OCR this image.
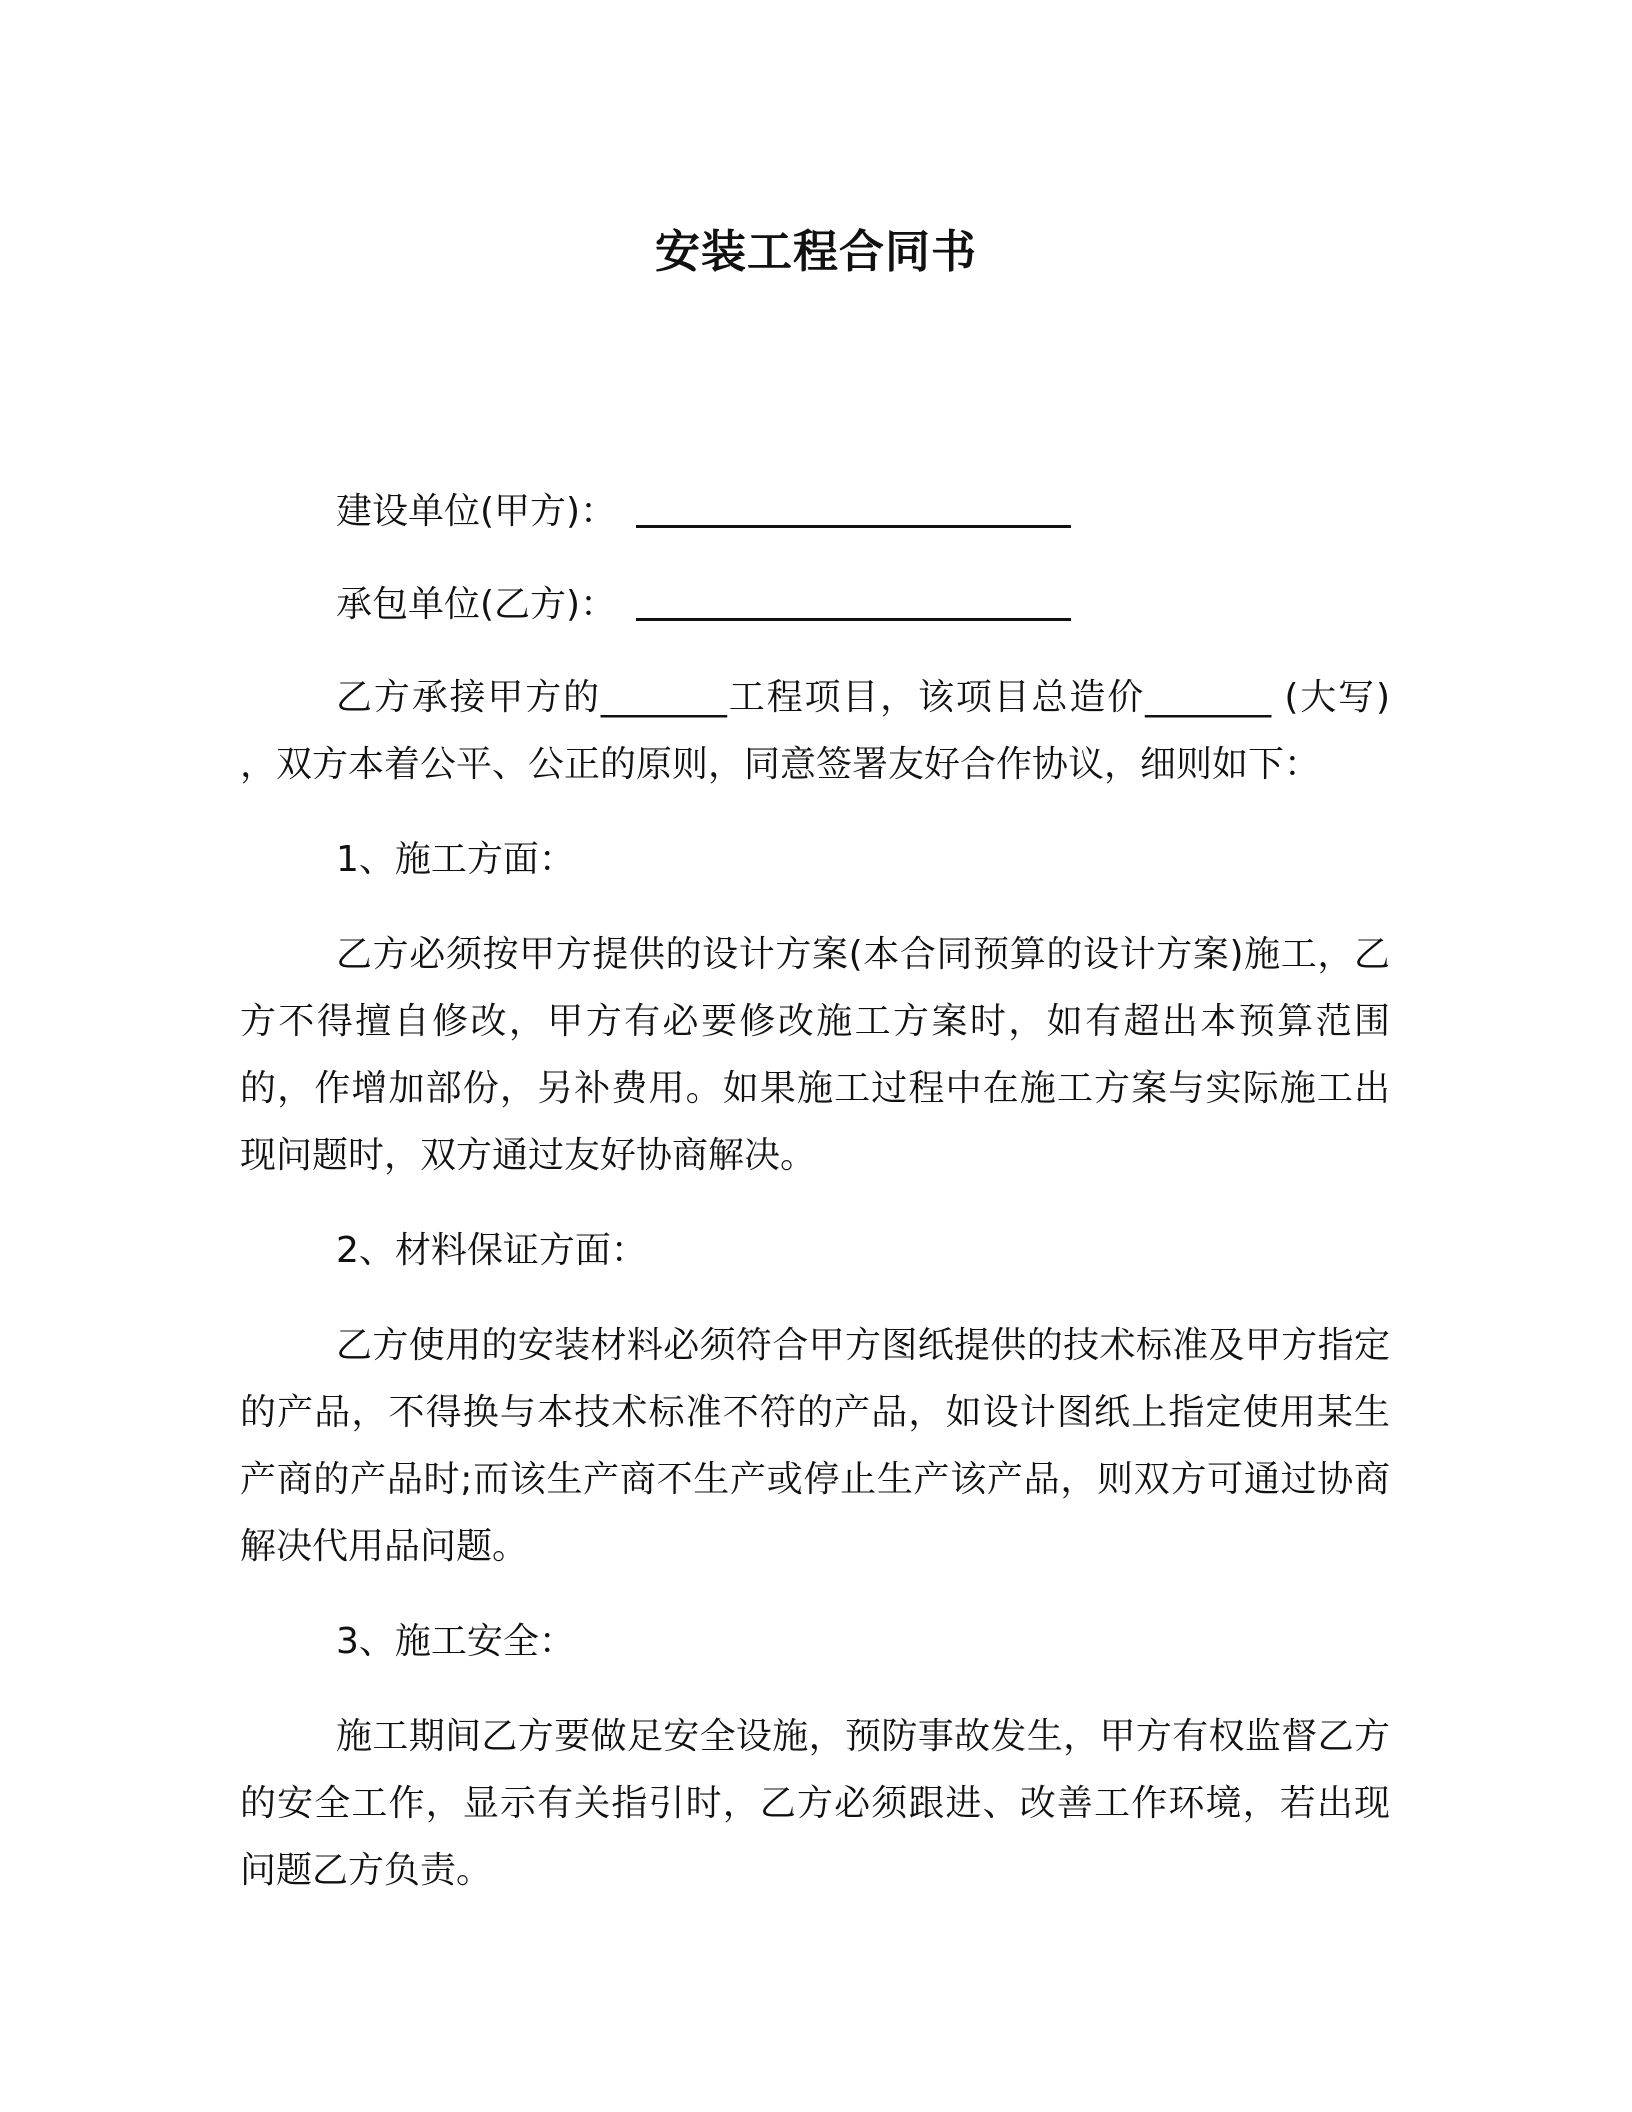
安装工程合同书
建设单位(甲方)：
承包单位(乙方)：

乙方承接甲方的_______工程项目，该项目总造价_______ (大写) ，双方本着公平、公正的原则，同意签署友好合作协议，细则如下：

1、施工方面：

乙方必须按甲方提供的设计方案(本合同预算的设计方案)施工，乙方不得擅自修改，甲方有必要修改施工方案时，如有超出本预算范围的，作增加部份，另补费用。如果施工过程中在施工方案与实际施工出现问题时，双方通过友好协商解决。

2、材料保证方面：

乙方使用的安装材料必须符合甲方图纸提供的技术标准及甲方指定的产品，不得换与本技术标准不符的产品，如设计图纸上指定使用某生产商的产品时;而该生产商不生产或停止生产该产品，则双方可通过协商解决代用品问题。

3、施工安全：

施工期间乙方要做足安全设施，预防事故发生，甲方有权监督乙方的安全工作，显示有关指引时，乙方必须跟进、改善工作环境，若出现问题乙方负责。
